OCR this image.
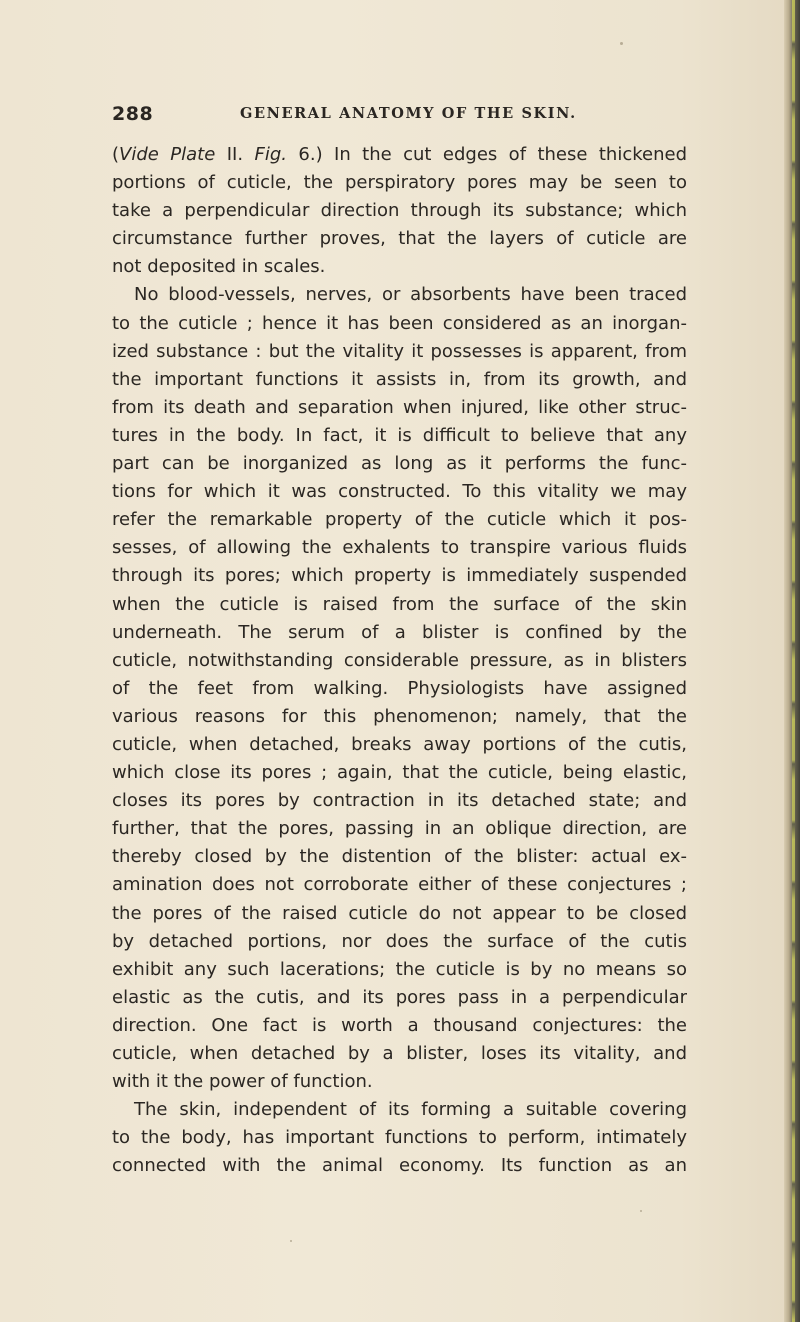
288	GENERAL ANATOMY OF THE SKIN.
(Vide Plate II. Fig. 6.) In the cut edges of these thickened
portions of cuticle, the perspiratory pores may be seen to
take a perpendicular direction through its substance; which
circumstance further proves, that the layers of cuticle are
not deposited in scales.
No blood-vessels, nerves, or absorbents have been traced
to the cuticle ; hence it has been considered as an inorgan-
ized substance : but the vitality it possesses is apparent, from
the important functions it assists in, from its growth, and
from its death and separation when injured, like other struc-
tures in the body. In fact, it is difficult to believe that any
part can be inorganized as long as it performs the func-
tions for which it was constructed. To this vitality we may
refer the remarkable property of the cuticle which it pos-
sesses, of allowing the exhalents to transpire various fluids
through its pores; which property is immediately suspended
when the cuticle is raised from the surface of the skin
underneath. The serum of a blister is confined by the
cuticle, notwithstanding considerable pressure, as in blisters
of the feet from walking. Physiologists have assigned
various reasons for this phenomenon; namely, that the
cuticle, when detached, breaks away portions of the cutis,
which close its pores ; again, that the cuticle, being elastic,
closes its pores by contraction in its detached state; and
further, that the pores, passing in an oblique direction, are
thereby closed by the distention of the blister: actual ex-
amination does not corroborate either of these conjectures ;
the pores of the raised cuticle do not appear to be closed
by detached portions, nor does the surface of the cutis
exhibit any such lacerations; the cuticle is by no means so
elastic as the cutis, and its pores pass in a perpendicular
direction. One fact is worth a thousand conjectures: the
cuticle, when detached by a blister, loses its vitality, and
with it the power of function.
The skin, independent of its forming a suitable covering
to the body, has important functions to perform, intimately
connected with the animal economy. Its function as an
